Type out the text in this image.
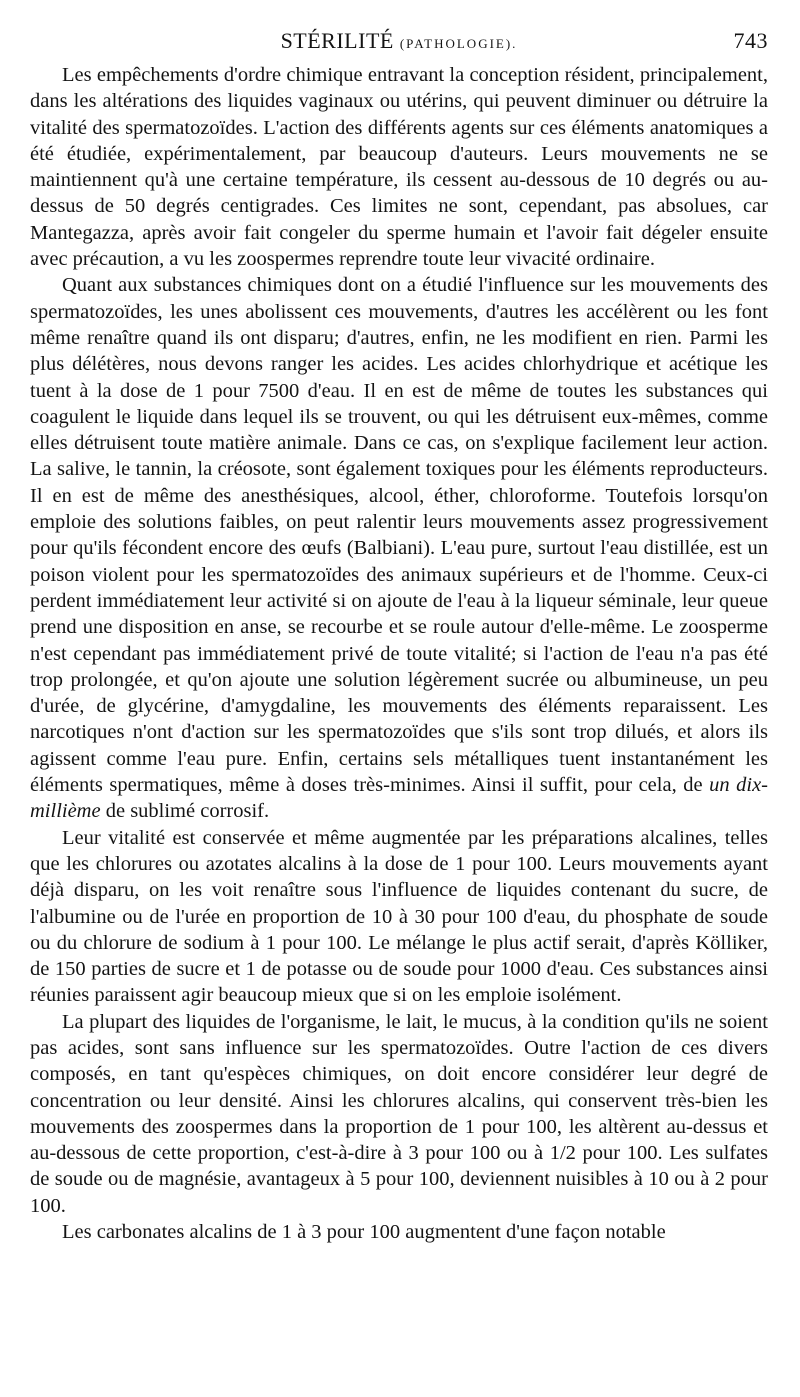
STÉRILITÉ (PATHOLOGIE).	743

Les empêchements d'ordre chimique entravant la conception résident, principalement, dans les altérations des liquides vaginaux ou utérins, qui peuvent diminuer ou détruire la vitalité des spermatozoïdes. L'action des différents agents sur ces éléments anatomiques a été étudiée, expérimentalement, par beaucoup d'auteurs. Leurs mouvements ne se maintiennent qu'à une certaine température, ils cessent au-dessous de 10 degrés ou au-dessus de 50 degrés centigrades. Ces limites ne sont, cependant, pas absolues, car Mantegazza, après avoir fait congeler du sperme humain et l'avoir fait dégeler ensuite avec précaution, a vu les zoospermes reprendre toute leur vivacité ordinaire.

Quant aux substances chimiques dont on a étudié l'influence sur les mouvements des spermatozoïdes, les unes abolissent ces mouvements, d'autres les accélèrent ou les font même renaître quand ils ont disparu; d'autres, enfin, ne les modifient en rien. Parmi les plus délétères, nous devons ranger les acides. Les acides chlorhydrique et acétique les tuent à la dose de 1 pour 7500 d'eau. Il en est de même de toutes les substances qui coagulent le liquide dans lequel ils se trouvent, ou qui les détruisent eux-mêmes, comme elles détruisent toute matière animale. Dans ce cas, on s'explique facilement leur action. La salive, le tannin, la créosote, sont également toxiques pour les éléments reproducteurs. Il en est de même des anesthésiques, alcool, éther, chloroforme. Toutefois lorsqu'on emploie des solutions faibles, on peut ralentir leurs mouvements assez progressivement pour qu'ils fécondent encore des œufs (Balbiani). L'eau pure, surtout l'eau distillée, est un poison violent pour les spermatozoïdes des animaux supérieurs et de l'homme. Ceux-ci perdent immédiatement leur activité si on ajoute de l'eau à la liqueur séminale, leur queue prend une disposition en anse, se recourbe et se roule autour d'elle-même. Le zoosperme n'est cependant pas immédiatement privé de toute vitalité; si l'action de l'eau n'a pas été trop prolongée, et qu'on ajoute une solution légèrement sucrée ou albumineuse, un peu d'urée, de glycérine, d'amygdaline, les mouvements des éléments reparaissent. Les narcotiques n'ont d'action sur les spermatozoïdes que s'ils sont trop dilués, et alors ils agissent comme l'eau pure. Enfin, certains sels métalliques tuent instantanément les éléments spermatiques, même à doses très-minimes. Ainsi il suffit, pour cela, de un dix-millième de sublimé corrosif.

Leur vitalité est conservée et même augmentée par les préparations alcalines, telles que les chlorures ou azotates alcalins à la dose de 1 pour 100. Leurs mouvements ayant déjà disparu, on les voit renaître sous l'influence de liquides contenant du sucre, de l'albumine ou de l'urée en proportion de 10 à 30 pour 100 d'eau, du phosphate de soude ou du chlorure de sodium à 1 pour 100. Le mélange le plus actif serait, d'après Kölliker, de 150 parties de sucre et 1 de potasse ou de soude pour 1000 d'eau. Ces substances ainsi réunies paraissent agir beaucoup mieux que si on les emploie isolément.

La plupart des liquides de l'organisme, le lait, le mucus, à la condition qu'ils ne soient pas acides, sont sans influence sur les spermatozoïdes. Outre l'action de ces divers composés, en tant qu'espèces chimiques, on doit encore considérer leur degré de concentration ou leur densité. Ainsi les chlorures alcalins, qui conservent très-bien les mouvements des zoospermes dans la proportion de 1 pour 100, les altèrent au-dessus et au-dessous de cette proportion, c'est-à-dire à 3 pour 100 ou à 1/2 pour 100. Les sulfates de soude ou de magnésie, avantageux à 5 pour 100, deviennent nuisibles à 10 ou à 2 pour 100.

Les carbonates alcalins de 1 à 3 pour 100 augmentent d'une façon notable
